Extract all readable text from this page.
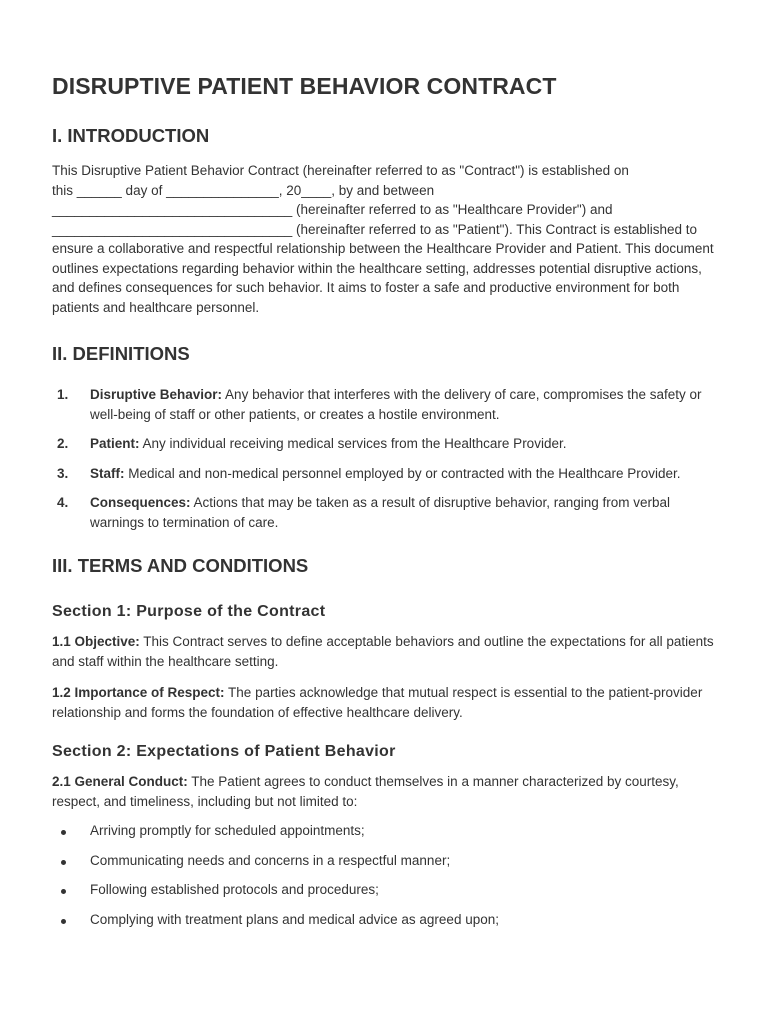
DISRUPTIVE PATIENT BEHAVIOR CONTRACT
I. INTRODUCTION

This Disruptive Patient Behavior Contract (hereinafter referred to as "Contract") is established on
this ______ day of _______________, 20____, by and between
________________________________ (hereinafter referred to as "Healthcare Provider") and
________________________________ (hereinafter referred to as "Patient"). This Contract is established to ensure a collaborative and respectful relationship between the Healthcare Provider and Patient. This document outlines expectations regarding behavior within the healthcare setting, addresses potential disruptive actions, and defines consequences for such behavior. It aims to foster a safe and productive environment for both patients and healthcare personnel.

II. DEFINITIONS
1. Disruptive Behavior: Any behavior that interferes with the delivery of care, compromises the safety or well-being of staff or other patients, or creates a hostile environment.
2. Patient: Any individual receiving medical services from the Healthcare Provider.
3. Staff: Medical and non-medical personnel employed by or contracted with the Healthcare Provider.
4. Consequences: Actions that may be taken as a result of disruptive behavior, ranging from verbal warnings to termination of care.
III. TERMS AND CONDITIONS
Section 1: Purpose of the Contract

1.1 Objective: This Contract serves to define acceptable behaviors and outline the expectations for all patients and staff within the healthcare setting.

1.2 Importance of Respect: The parties acknowledge that mutual respect is essential to the patient-provider relationship and forms the foundation of effective healthcare delivery.

Section 2: Expectations of Patient Behavior

2.1 General Conduct: The Patient agrees to conduct themselves in a manner characterized by courtesy, respect, and timeliness, including but not limited to:

Arriving promptly for scheduled appointments;
Communicating needs and concerns in a respectful manner;
Following established protocols and procedures;
Complying with treatment plans and medical advice as agreed upon;
